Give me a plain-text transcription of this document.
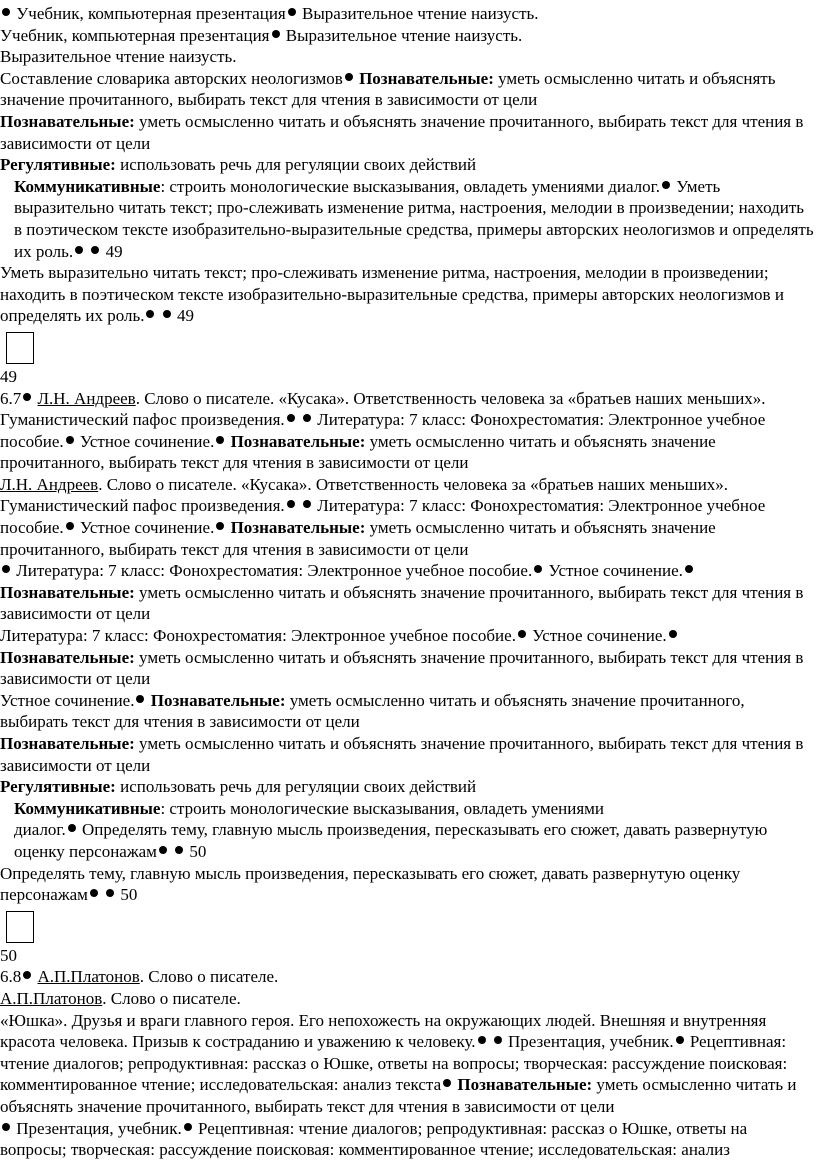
Учебник, компьютерная презентация Выразительное чтение наизусть.

Учебник, компьютерная презентация Выразительное чтение наизусть.

Выразительное чтение наизусть.

Составление словарика авторских неологизмов Познавательные: уметь осмысленно читать и объяснять значение прочитанного, выбирать текст для чтения в зависимости от цели

Познавательные: уметь осмысленно читать и объяснять значение прочитанного, выбирать текст для чтения в зависимости от цели

Регулятивные: использовать речь для регуляции своих действий

Коммуникативные: строить монологические высказывания, овладеть умениями диалог. Уметь выразительно читать текст; про-слеживать изменение ритма, настроения, мелодии в произведении; находить в поэтическом тексте изобразительно-выразительные средства, примеры авторских неологизмов и определять их роль. 49

Уметь выразительно читать текст; про-слеживать изменение ритма, настроения, мелодии в произведении; находить в поэтическом тексте изобразительно-выразительные средства, примеры авторских неологизмов и определять их роль. 49

49

6.7 Л.Н. Андреев. Слово о писателе. «Кусака». Ответственность человека за «братьев наших меньших». Гуманистический пафос произведения. Литература: 7 класс: Фонохрестоматия: Электронное учебное пособие. Устное сочинение. Познавательные: уметь осмысленно читать и объяснять значение прочитанного, выбирать текст для чтения в зависимости от цели

Л.Н. Андреев. Слово о писателе. «Кусака». Ответственность человека за «братьев наших меньших». Гуманистический пафос произведения. Литература: 7 класс: Фонохрестоматия: Электронное учебное пособие. Устное сочинение. Познавательные: уметь осмысленно читать и объяснять значение прочитанного, выбирать текст для чтения в зависимости от цели

Литература: 7 класс: Фонохрестоматия: Электронное учебное пособие. Устное сочинение. Познавательные: уметь осмысленно читать и объяснять значение прочитанного, выбирать текст для чтения в зависимости от цели

Литература: 7 класс: Фонохрестоматия: Электронное учебное пособие. Устное сочинение. Познавательные: уметь осмысленно читать и объяснять значение прочитанного, выбирать текст для чтения в зависимости от цели

Устное сочинение. Познавательные: уметь осмысленно читать и объяснять значение прочитанного, выбирать текст для чтения в зависимости от цели

Познавательные: уметь осмысленно читать и объяснять значение прочитанного, выбирать текст для чтения в зависимости от цели

Регулятивные: использовать речь для регуляции своих действий

Коммуникативные: строить монологические высказывания, овладеть умениями
диалог. Определять тему, главную мысль произведения, пересказывать его сюжет, давать развернутую оценку персонажам 50

Определять тему, главную мысль произведения, пересказывать его сюжет, давать развернутую оценку персонажам 50

50

6.8 А.П.Платонов. Слово о писателе.

А.П.Платонов. Слово о писателе.

«Юшка». Друзья и враги главного героя. Его непохожесть на окружающих людей. Внешняя и внутренняя красота человека. Призыв к состраданию и уважению к человеку. Презентация, учебник. Рецептивная: чтение диалогов; репродуктивная: рассказ о Юшке, ответы на вопросы; творческая: рассуждение поисковая: комментированное чтение; исследовательская: анализ текста Познавательные: уметь осмысленно читать и объяснять значение прочитанного, выбирать текст для чтения в зависимости от цели

Презентация, учебник. Рецептивная: чтение диалогов; репродуктивная: рассказ о Юшке, ответы на вопросы; творческая: рассуждение поисковая: комментированное чтение; исследовательская: анализ
